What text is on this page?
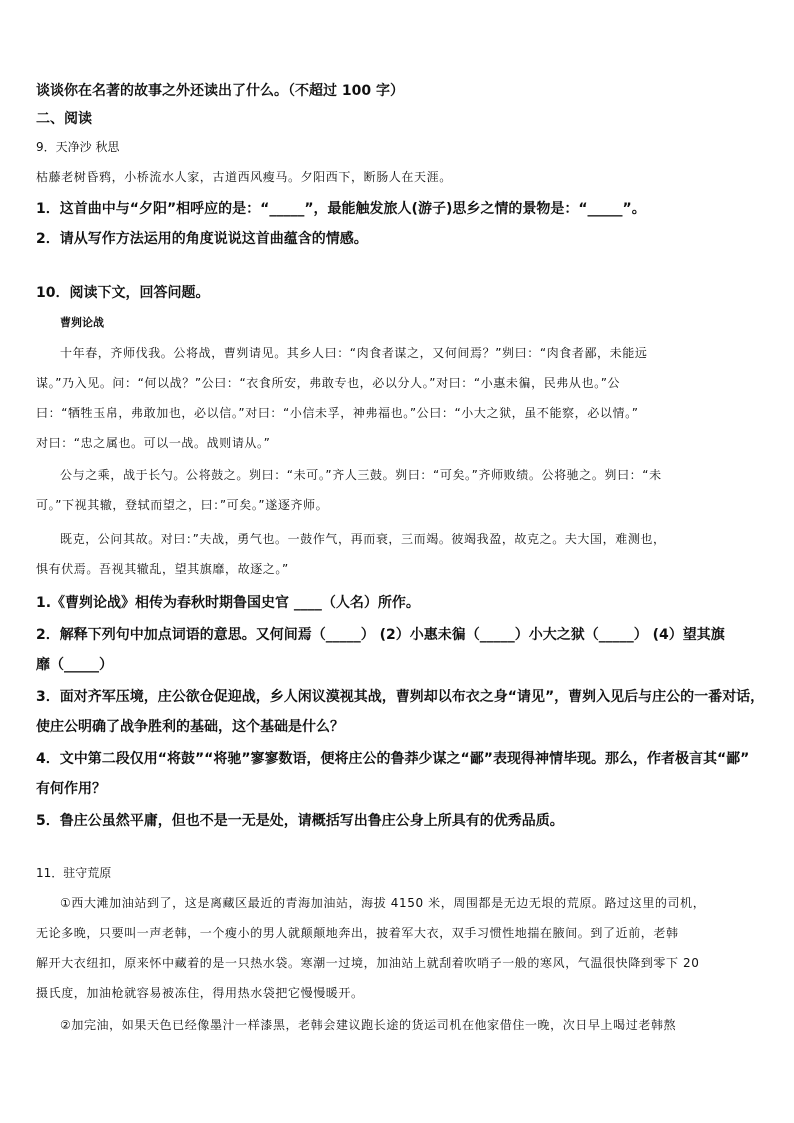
谈谈你在名著的故事之外还读出了什么。（不超过 100 字）
二、阅读
9．天净沙 秋思
枯藤老树昏鸦，小桥流水人家，古道西风瘦马。夕阳西下，断肠人在天涯。
1．这首曲中与“夕阳”相呼应的是：“_____”，最能触发旅人(游子)思乡之情的景物是：“_____”。
2．请从写作方法运用的角度说说这首曲蕴含的情感。
10．阅读下文，回答问题。
曹刿论战
十年春，齐师伐我。公将战，曹刿请见。其乡人曰：“肉食者谋之，又何间焉？”刿曰：“肉食者鄙，未能远
谋。”乃入见。问：“何以战？”公曰：“衣食所安，弗敢专也，必以分人。”对曰：“小惠未徧，民弗从也。”公
曰：“牺牲玉帛，弗敢加也，必以信。”对曰：“小信未孚，神弗福也。”公曰：“小大之狱，虽不能察，必以情。”
对曰：“忠之属也。可以一战。战则请从。”
公与之乘，战于长勺。公将鼓之。刿曰：“未可。”齐人三鼓。刿曰：“可矣。”齐师败绩。公将驰之。刿曰：“未
可。”下视其辙，登轼而望之，曰：”可矣。”遂逐齐师。
既克，公问其故。对曰：”夫战，勇气也。一鼓作气，再而衰，三而竭。彼竭我盈，故克之。夫大国，难测也，
惧有伏焉。吾视其辙乱，望其旗靡，故逐之。”
1.《曹刿论战》相传为春秋时期鲁国史官 ____（人名）所作。
2．解释下列句中加点词语的意思。又何间焉（_____） (2）小惠未徧（_____）小大之狱（_____） (4）望其旗
靡（_____）
3．面对齐军压境，庄公欲仓促迎战，乡人闲议漠视其战，曹刿却以布衣之身“请见”，曹刿入见后与庄公的一番对话，
使庄公明确了战争胜利的基础，这个基础是什么？
4．文中第二段仅用“将鼓”“将驰”寥寥数语，便将庄公的鲁莽少谋之“鄙”表现得神情毕现。那么，作者极言其“鄙”
有何作用？
5．鲁庄公虽然平庸，但也不是一无是处，请概括写出鲁庄公身上所具有的优秀品质。
11．驻守荒原
①西大滩加油站到了，这是离藏区最近的青海加油站，海拔 4150 米，周围都是无边无垠的荒原。路过这里的司机，
无论多晚，只要叫一声老韩，一个瘦小的男人就颠颠地奔出，披着军大衣，双手习惯性地揣在腋间。到了近前，老韩
解开大衣纽扣，原来怀中藏着的是一只热水袋。寒潮一过境，加油站上就刮着吹哨子一般的寒风，气温很快降到零下 20
摄氏度，加油枪就容易被冻住，得用热水袋把它慢慢暖开。
②加完油，如果天色已经像墨汁一样漆黑，老韩会建议跑长途的货运司机在他家借住一晚，次日早上喝过老韩熬
